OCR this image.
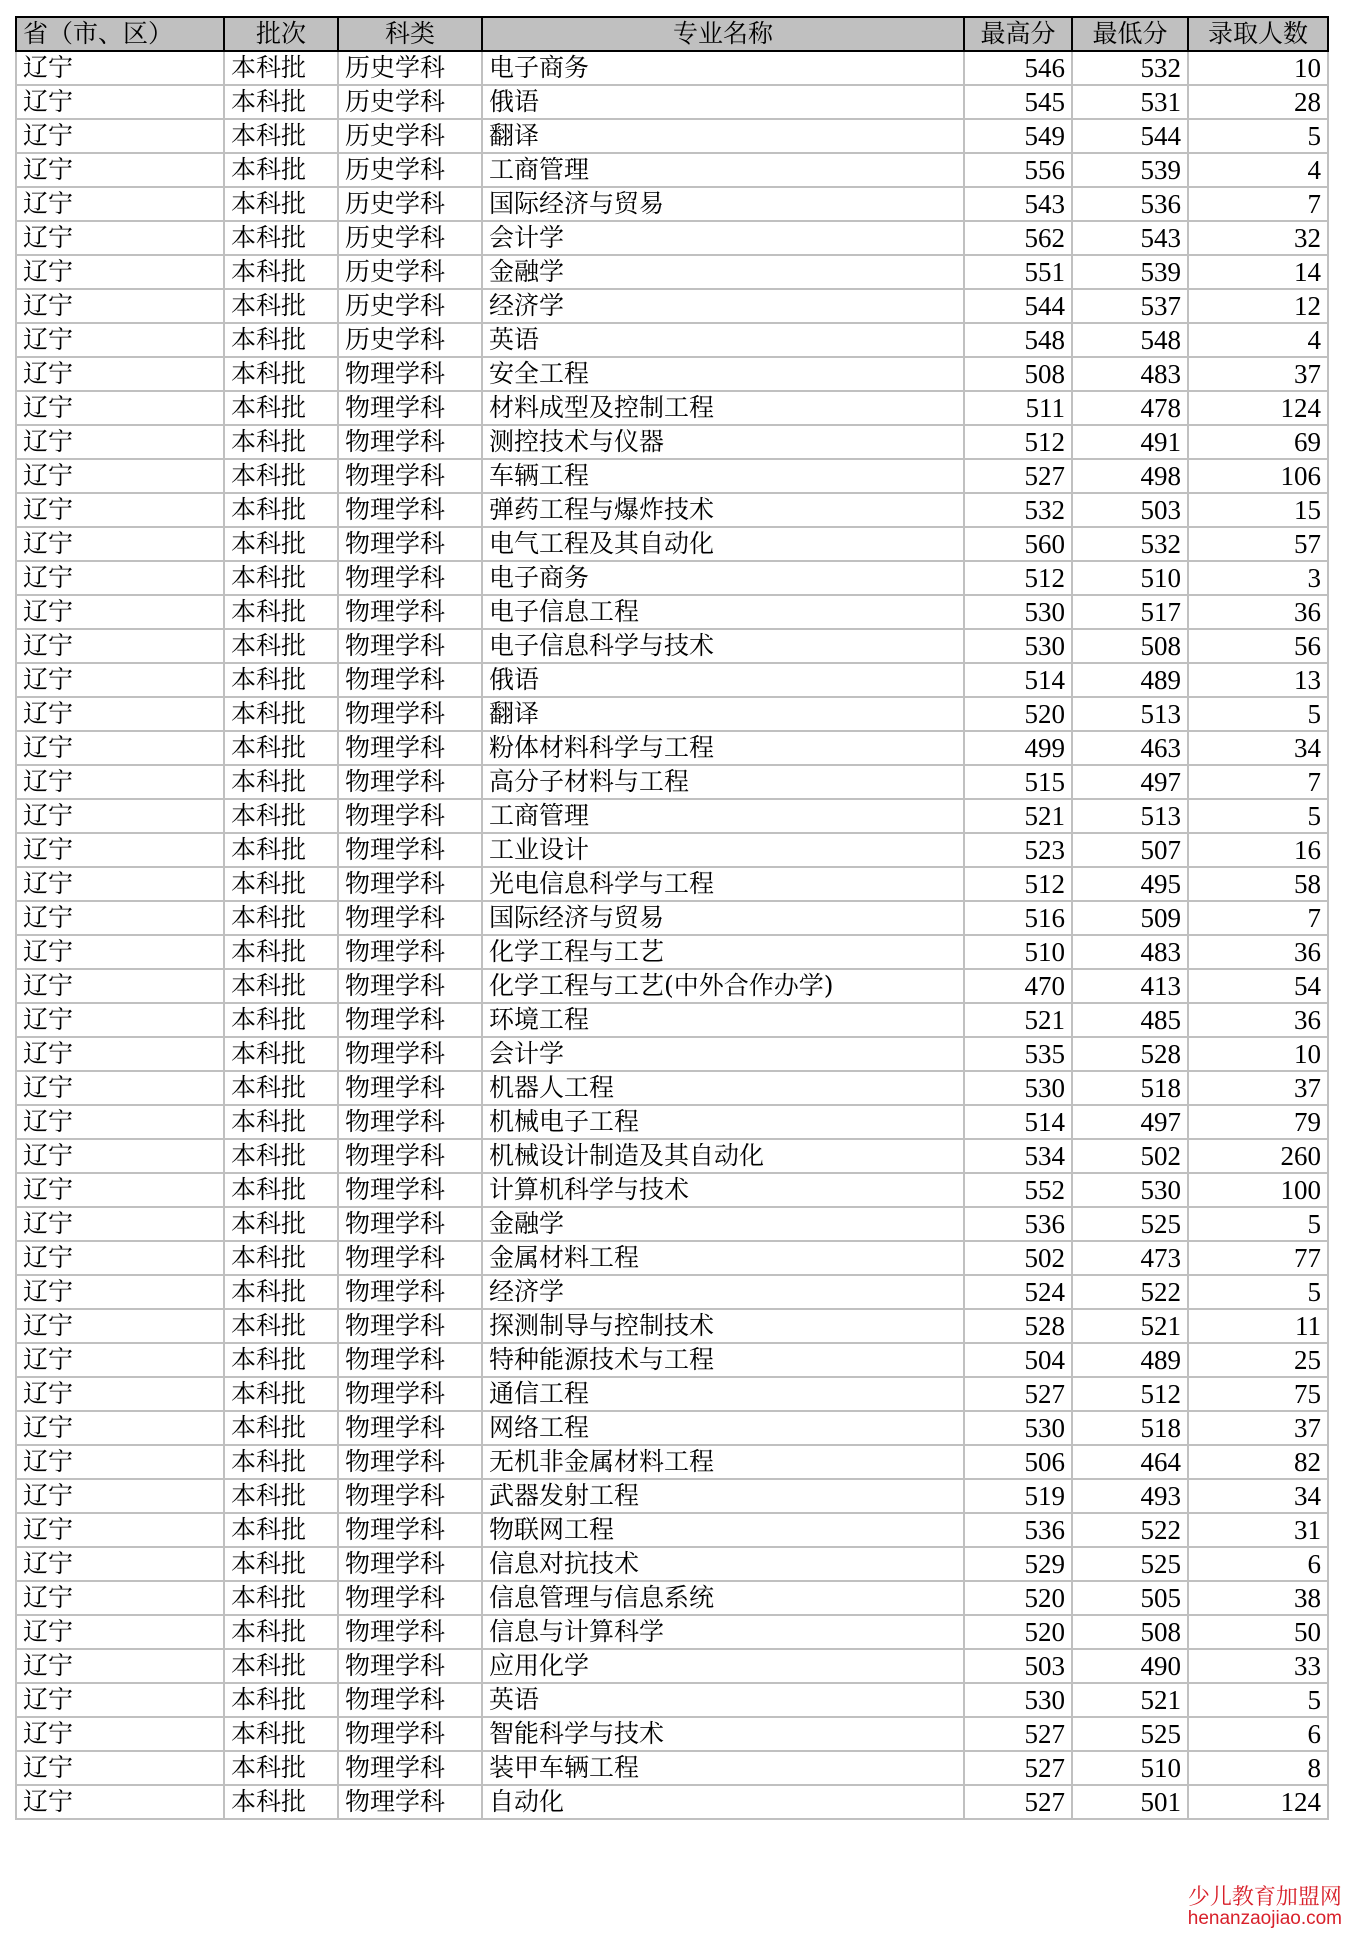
省（市、区）	批次	科类	专业名称	最高分	最低分	录取人数
辽宁	本科批	历史学科	电子商务	546	532	10
辽宁	本科批	历史学科	俄语	545	531	28
辽宁	本科批	历史学科	翻译	549	544	5
辽宁	本科批	历史学科	工商管理	556	539	4
辽宁	本科批	历史学科	国际经济与贸易	543	536	7
辽宁	本科批	历史学科	会计学	562	543	32
辽宁	本科批	历史学科	金融学	551	539	14
辽宁	本科批	历史学科	经济学	544	537	12
辽宁	本科批	历史学科	英语	548	548	4
辽宁	本科批	物理学科	安全工程	508	483	37
辽宁	本科批	物理学科	材料成型及控制工程	511	478	124
辽宁	本科批	物理学科	测控技术与仪器	512	491	69
辽宁	本科批	物理学科	车辆工程	527	498	106
辽宁	本科批	物理学科	弹药工程与爆炸技术	532	503	15
辽宁	本科批	物理学科	电气工程及其自动化	560	532	57
辽宁	本科批	物理学科	电子商务	512	510	3
辽宁	本科批	物理学科	电子信息工程	530	517	36
辽宁	本科批	物理学科	电子信息科学与技术	530	508	56
辽宁	本科批	物理学科	俄语	514	489	13
辽宁	本科批	物理学科	翻译	520	513	5
辽宁	本科批	物理学科	粉体材料科学与工程	499	463	34
辽宁	本科批	物理学科	高分子材料与工程	515	497	7
辽宁	本科批	物理学科	工商管理	521	513	5
辽宁	本科批	物理学科	工业设计	523	507	16
辽宁	本科批	物理学科	光电信息科学与工程	512	495	58
辽宁	本科批	物理学科	国际经济与贸易	516	509	7
辽宁	本科批	物理学科	化学工程与工艺	510	483	36
辽宁	本科批	物理学科	化学工程与工艺(中外合作办学)	470	413	54
辽宁	本科批	物理学科	环境工程	521	485	36
辽宁	本科批	物理学科	会计学	535	528	10
辽宁	本科批	物理学科	机器人工程	530	518	37
辽宁	本科批	物理学科	机械电子工程	514	497	79
辽宁	本科批	物理学科	机械设计制造及其自动化	534	502	260
辽宁	本科批	物理学科	计算机科学与技术	552	530	100
辽宁	本科批	物理学科	金融学	536	525	5
辽宁	本科批	物理学科	金属材料工程	502	473	77
辽宁	本科批	物理学科	经济学	524	522	5
辽宁	本科批	物理学科	探测制导与控制技术	528	521	11
辽宁	本科批	物理学科	特种能源技术与工程	504	489	25
辽宁	本科批	物理学科	通信工程	527	512	75
辽宁	本科批	物理学科	网络工程	530	518	37
辽宁	本科批	物理学科	无机非金属材料工程	506	464	82
辽宁	本科批	物理学科	武器发射工程	519	493	34
辽宁	本科批	物理学科	物联网工程	536	522	31
辽宁	本科批	物理学科	信息对抗技术	529	525	6
辽宁	本科批	物理学科	信息管理与信息系统	520	505	38
辽宁	本科批	物理学科	信息与计算科学	520	508	50
辽宁	本科批	物理学科	应用化学	503	490	33
辽宁	本科批	物理学科	英语	530	521	5
辽宁	本科批	物理学科	智能科学与技术	527	525	6
辽宁	本科批	物理学科	装甲车辆工程	527	510	8
辽宁	本科批	物理学科	自动化	527	501	124
少儿教育加盟网
henanzaojiao.com
